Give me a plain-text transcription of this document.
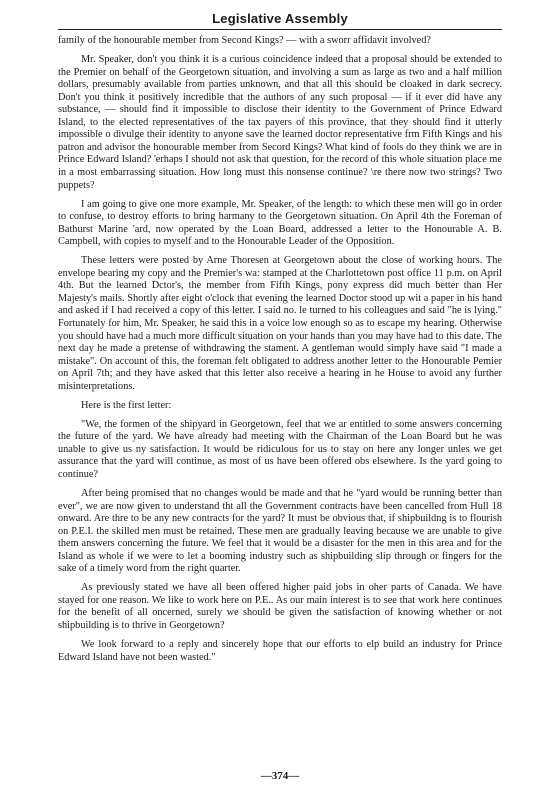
Legislative Assembly

family of the honourable member from Second Kings? — with a sworr affidavit involved?

Mr. Speaker, don't you think it is a curious coincidence indeed that a proposal should be extended to the Premier on behalf of the Georgetown situation, and involving a sum as large as two and a half million dollars, presumably available from parties unknown, and that all this should be cloaked in dark secrecy. Don't you think it positively incredible that the authors of any such proposal — if it ever did have any substance, — should find it impossible to disclose their identity to the Government of Prince Edward Island, to the elected representatives of the tax payers of this province, that they should find it utterly impossible o divulge their identity to anyone save the learned doctor representative frm Fifth Kings and his patron and advisor the honourable member from Secord Kings? What kind of fools do they think we are in Prince Edward Island? 'erhaps I should not ask that question, for the record of this whole situation place me in a most embarrassing situation. How long must this nonsense continue? \re there now two strings? Two puppets?

I am going to give one more example, Mr. Speaker, of the length: to which these men will go in order to confuse, to destroy efforts to bring harmany to the Georgetown situation. On April 4th the Foreman of Bathurst Marine 'ard, now operated by the Loan Board, addressed a letter to the Honourable A. B. Campbell, with copies to myself and to the Honourable Leader of the Opposition.

These letters were posted by Arne Thoresen at Georgetown about the close of working hours. The envelope bearing my copy and the Premier's wa: stamped at the Charlottetown post office 11 p.m. on April 4th. But the learned Dctor's, the member from Fifth Kings, pony express did much better than Her Majesty's mails. Shortly after eight o'clock that evening the learned Doctor stood up wit a paper in his hand and asked if I had received a copy of this letter. I said no. le turned to his colleagues and said "he is lying." Fortunately for him, Mr. Speaker, he said this in a voice low enough so as to escape my hearing. Otherwise you should have had a much more difficult situation on your hands than you may have had to this date. The next day he made a pretense of withdrawing the stament. A gentleman would simply have said "I made a mistake". On account of this, the foreman felt obligated to address another letter to the Honourable Pemier on April 7th; and they have asked that this letter also receive a hearing in he House to avoid any further misinterpretations.

Here is the first letter:

"We, the formen of the shipyard in Georgetown, feel that we ar entitled to some answers concerning the future of the yard. We have already had meeting with the Chairman of the Loan Board but he was unable to give us ny satisfaction. It would be ridiculous for us to stay on here any longer unles we get assurance that the yard will continue, as most of us have been offered obs elsewhere. Is the yard going to continue?

After being promised that no changes would be made and that he "yard would be running better than ever", we are now given to understand tht all the Government contracts have been cancelled from Hull 18 onward. Are thre to be any new contracts for the yard? It must be obvious that, if shipbuildng is to flourish on P.E.I. the skilled men must be retained. These men are gradually leaving because we are unable to give them answers concerning the future. We feel that it would be a disaster for the men in this area and for the Island as whole if we were to let a booming industry such as shipbuilding slip through or fingers for the sake of a timely word from the right quarter.

As previously stated we have all been offered higher paid jobs in oher parts of Canada. We have stayed for one reason. We like to work here on P.E.. As our main interest is to see that work here continues for the benefit of all oncerned, surely we should be given the satisfaction of knowing whether or not shipbuilding is to thrive in Georgetown?

We look forward to a reply and sincerely hope that our efforts to elp build an industry for Prince Edward Island have not been wasted."

—374—
